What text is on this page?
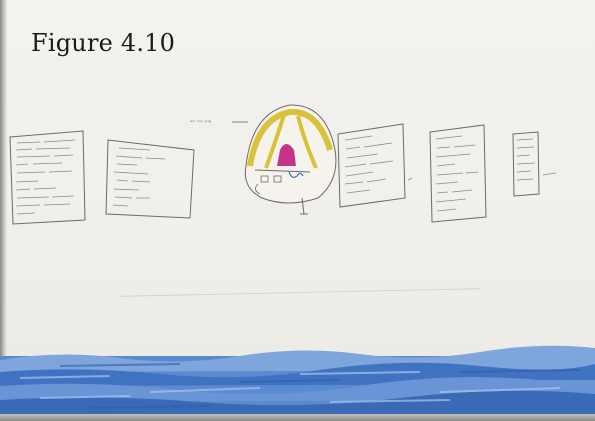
ᵃᵐ ᵗᵒᵒ ᵖⁱᵍ
Figure 4.10
